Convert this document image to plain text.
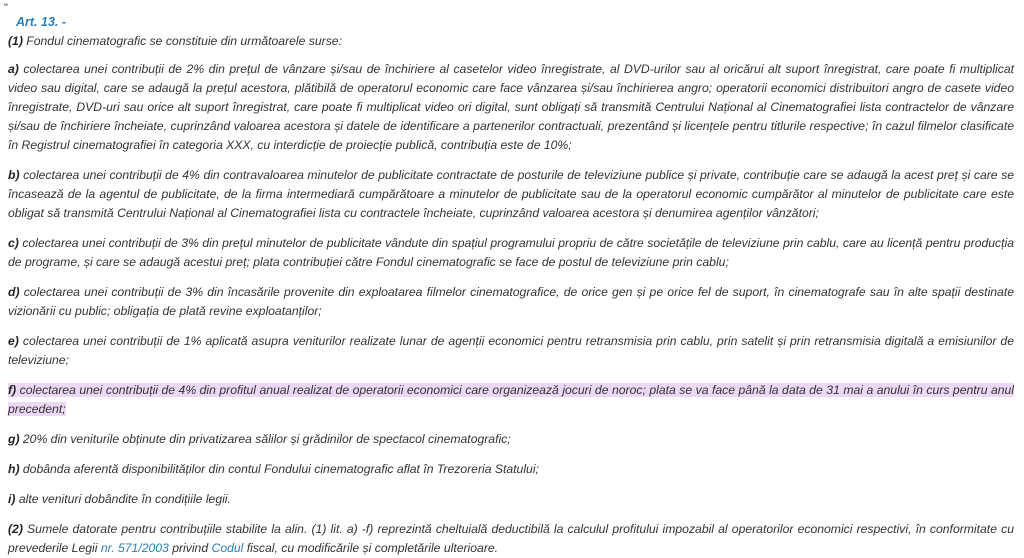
"
Art. 13. -

(1) Fondul cinematografic se constituie din următoarele surse:

a) colectarea unei contribuții de 2% din prețul de vânzare și/sau de închiriere al casetelor video înregistrate, al DVD-urilor sau al oricărui alt suport înregistrat, care poate fi multiplicat video sau digital, care se adaugă la prețul acestora, plătibilă de operatorul economic care face vânzarea și/sau închirierea angro; operatorii economici distribuitori angro de casete video înregistrate, DVD-uri sau orice alt suport înregistrat, care poate fi multiplicat video ori digital, sunt obligați să transmită Centrului Național al Cinematografiei lista contractelor de vânzare și/sau de închiriere încheiate, cuprinzând valoarea acestora și datele de identificare a partenerilor contractuali, prezentând și licențele pentru titlurile respective; în cazul filmelor clasificate în Registrul cinematografiei în categoria XXX, cu interdicție de proiecție publică, contribuția este de 10%;

b) colectarea unei contribuții de 4% din contravaloarea minutelor de publicitate contractate de posturile de televiziune publice și private, contribuție care se adaugă la acest preț și care se încasează de la agentul de publicitate, de la firma intermediară cumpărătoare a minutelor de publicitate sau de la operatorul economic cumpărător al minutelor de publicitate care este obligat să transmită Centrului Național al Cinematografiei lista cu contractele încheiate, cuprinzând valoarea acestora și denumirea agenților vânzători;

c) colectarea unei contribuții de 3% din prețul minutelor de publicitate vândute din spațiul programului propriu de către societățile de televiziune prin cablu, care au licență pentru producția de programe, și care se adaugă acestui preț; plata contribuției către Fondul cinematografic se face de postul de televiziune prin cablu;

d) colectarea unei contribuții de 3% din încasările provenite din exploatarea filmelor cinematografice, de orice gen și pe orice fel de suport, în cinematografe sau în alte spații destinate vizionării cu public; obligația de plată revine exploatanților;

e) colectarea unei contribuții de 1% aplicată asupra veniturilor realizate lunar de agenții economici pentru retransmisia prin cablu, prin satelit și prin retransmisia digitală a emisiunilor de televiziune;

f) colectarea unei contribuții de 4% din profitul anual realizat de operatorii economici care organizează jocuri de noroc; plata se va face până la data de 31 mai a anului în curs pentru anul precedent;

g) 20% din veniturile obținute din privatizarea sălilor și grădinilor de spectacol cinematografic;

h) dobânda aferentă disponibilităților din contul Fondului cinematografic aflat în Trezoreria Statului;

i) alte venituri dobândite în condițiile legii.

(2) Sumele datorate pentru contribuțiile stabilite la alin. (1) lit. a) -f) reprezintă cheltuială deductibilă la calculul profitului impozabil al operatorilor economici respectivi, în conformitate cu prevederile Legii nr. 571/2003 privind Codul fiscal, cu modificările și completările ulterioare.
